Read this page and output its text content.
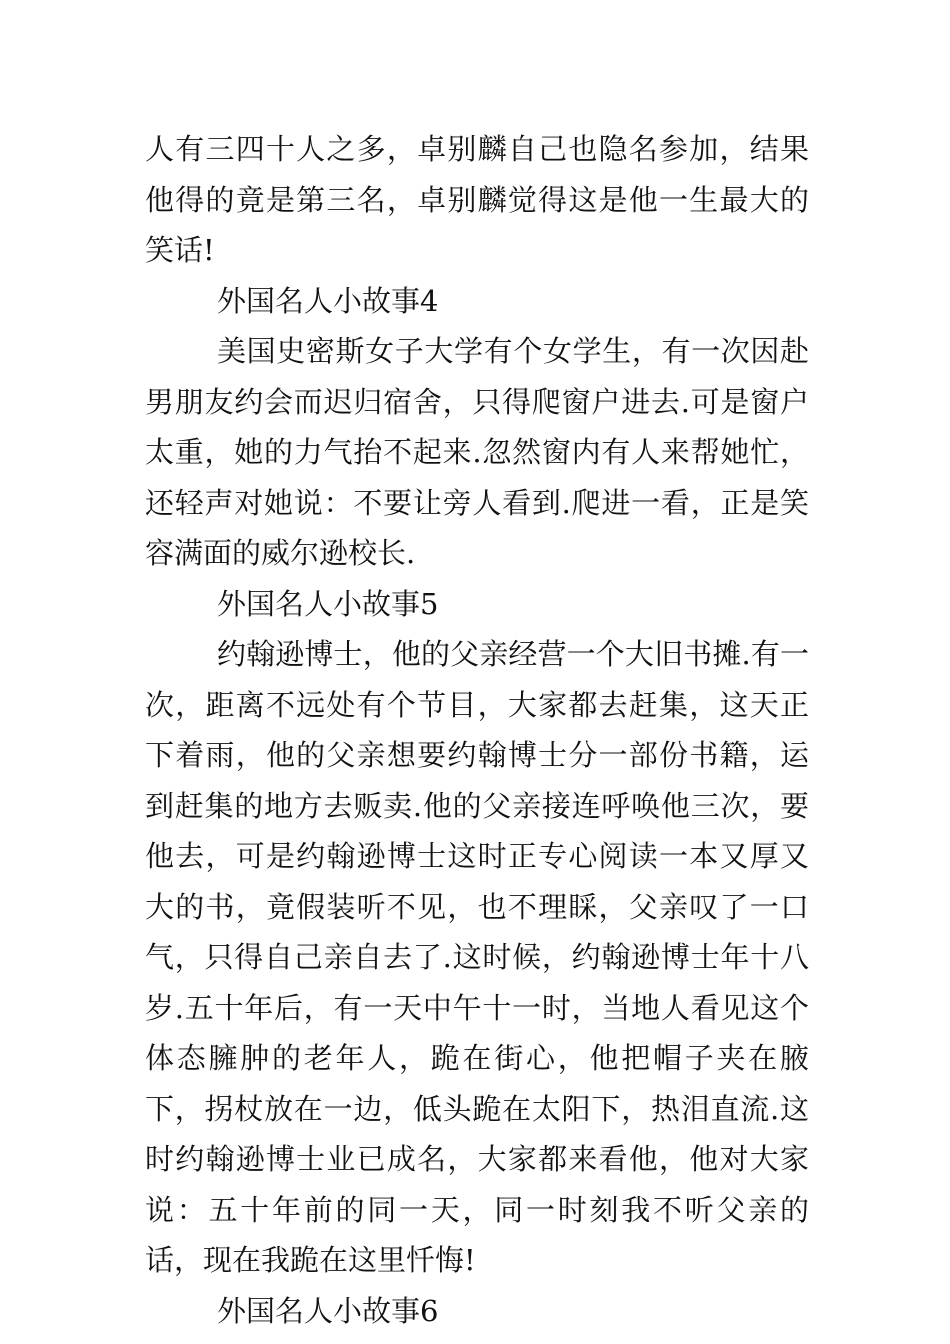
人有三四十人之多，卓别麟自己也隐名参加，结果他得的竟是第三名，卓别麟觉得这是他一生最大的笑话!

外国名人小故事4

美国史密斯女子大学有个女学生，有一次因赴男朋友约会而迟归宿舍，只得爬窗户进去.可是窗户太重，她的力气抬不起来.忽然窗内有人来帮她忙，还轻声对她说：不要让旁人看到.爬进一看，正是笑容满面的威尔逊校长.

外国名人小故事5

约翰逊博士，他的父亲经营一个大旧书摊.有一次，距离不远处有个节目，大家都去赶集，这天正下着雨，他的父亲想要约翰博士分一部份书籍，运到赶集的地方去贩卖.他的父亲接连呼唤他三次，要他去，可是约翰逊博士这时正专心阅读一本又厚又大的书，竟假装听不见，也不理睬，父亲叹了一口气，只得自己亲自去了.这时候，约翰逊博士年十八岁.五十年后，有一天中午十一时，当地人看见这个体态臃肿的老年人，跪在街心，他把帽子夹在腋下，拐杖放在一边，低头跪在太阳下，热泪直流.这时约翰逊博士业已成名，大家都来看他，他对大家说：五十年前的同一天，同一时刻我不听父亲的话，现在我跪在这里忏悔!

外国名人小故事6
